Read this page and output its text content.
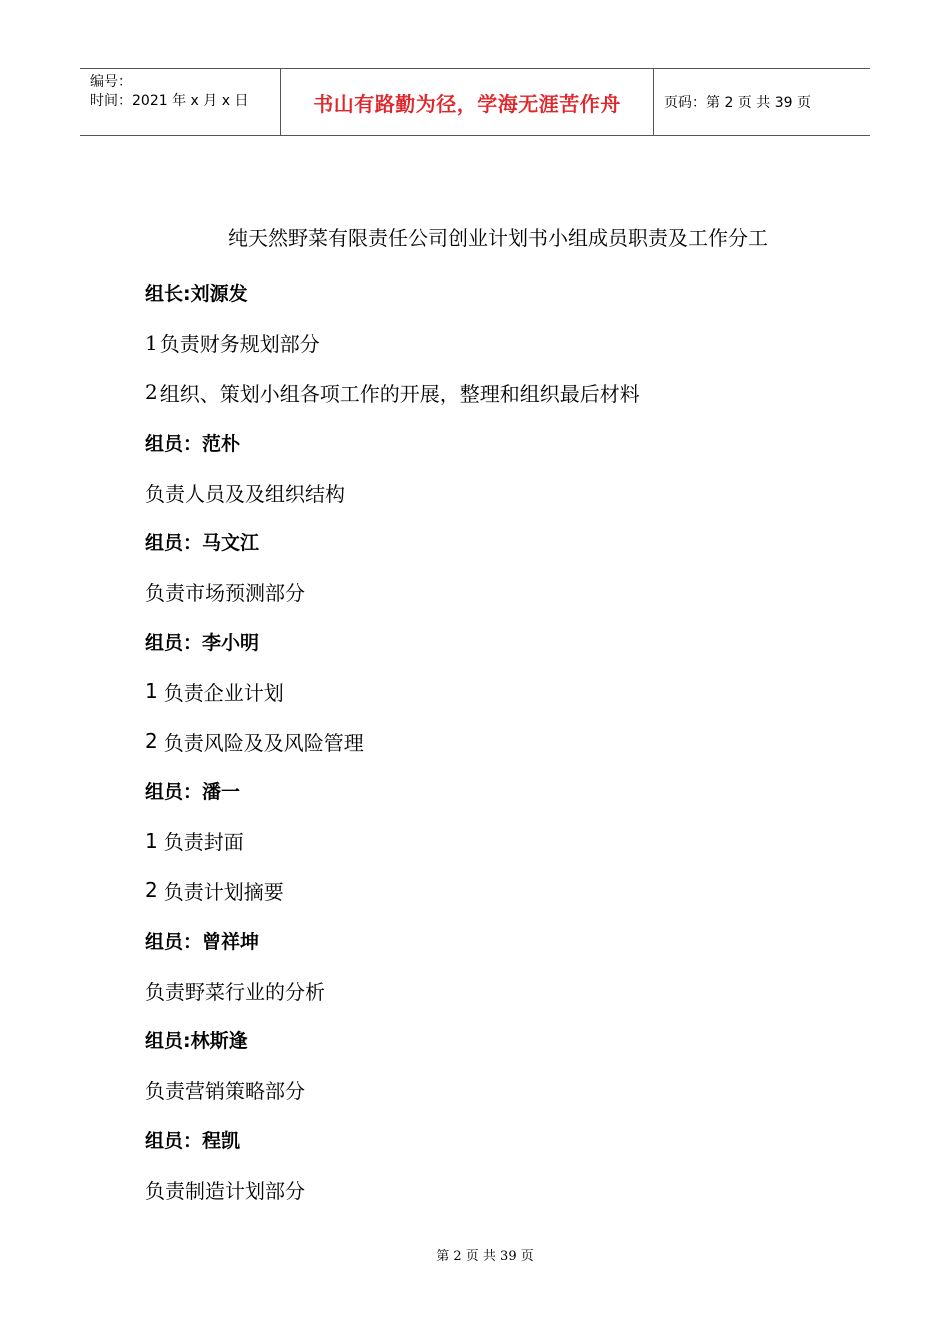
编号：
时间：2021 年 x 月 x 日	书山有路勤为径，学海无涯苦作舟	页码：第 2 页 共 39 页
纯天然野菜有限责任公司创业计划书小组成员职责及工作分工
组长:刘源发
1 负责财务规划部分
2 组织、策划小组各项工作的开展，整理和组织最后材料
组员：范朴
负责人员及及组织结构
组员：马文江
负责市场预测部分
组员：李小明
1 负责企业计划
2 负责风险及及风险管理
组员：潘一
1 负责封面
2 负责计划摘要
组员：曾祥坤
负责野菜行业的分析
组员:林斯逢
负责营销策略部分
组员：程凯
负责制造计划部分
第 2 页 共 39 页
